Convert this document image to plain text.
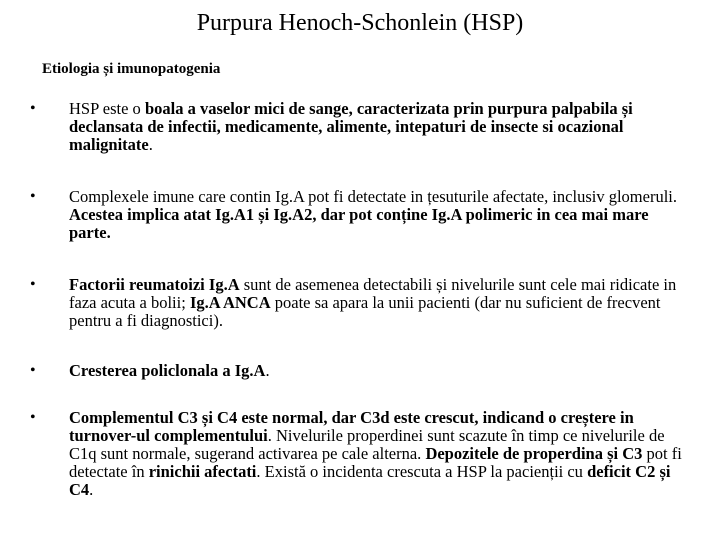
Purpura Henoch-Schonlein (HSP)
Etiologia și imunopatogenia
•	HSP este o boala a vaselor mici de sange, caracterizata prin purpura palpabila și declansata de infectii, medicamente, alimente, intepaturi de insecte si ocazional malignitate.
•	Complexele imune care contin Ig.A pot fi detectate in țesuturile afectate, inclusiv glomeruli. Acestea implica atat Ig.A1 și Ig.A2, dar pot conține Ig.A polimeric in cea mai mare parte.
•	Factorii reumatoizi Ig.A sunt de asemenea detectabili și nivelurile sunt cele mai ridicate in faza acuta a bolii; Ig.A ANCA poate sa apara la unii pacienti (dar nu suficient de frecvent pentru a fi diagnostici).
•	Cresterea policlonala a Ig.A.
•	Complementul C3 și C4 este normal, dar C3d este crescut, indicand o creștere in turnover-ul complementului. Nivelurile properdinei sunt scazute în timp ce nivelurile de C1q sunt normale, sugerand activarea pe cale alterna. Depozitele de properdina și C3 pot fi detectate în rinichii afectati. Există o incidenta crescuta a HSP la pacienții cu deficit C2 și C4.
